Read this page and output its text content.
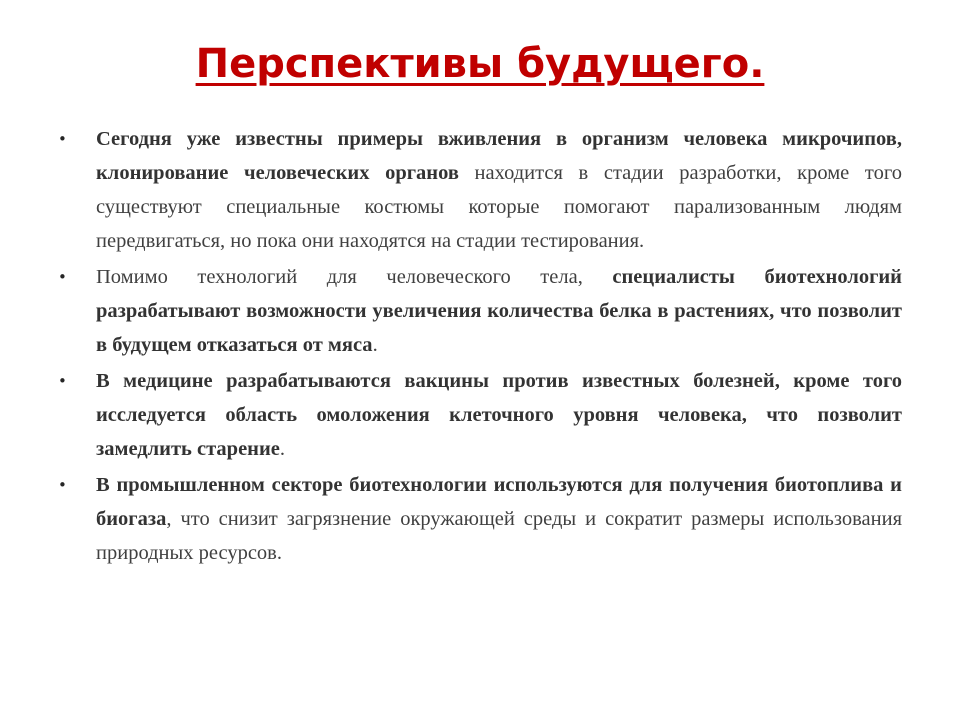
Перспективы будущего.
• Сегодня уже известны примеры вживления в организм человека микрочипов, клонирование человеческих органов находится в стадии разработки, кроме того существуют специальные костюмы которые помогают парализованным людям передвигаться, но пока они находятся на стадии тестирования.
• Помимо технологий для человеческого тела, специалисты биотехнологий разрабатывают возможности увеличения количества белка в растениях, что позволит в будущем отказаться от мяса.
• В медицине разрабатываются вакцины против известных болезней, кроме того исследуется область омоложения клеточного уровня человека, что позволит замедлить старение.
• В промышленном секторе биотехнологии используются для получения биотоплива и биогаза, что снизит загрязнение окружающей среды и сократит размеры использования природных ресурсов.
